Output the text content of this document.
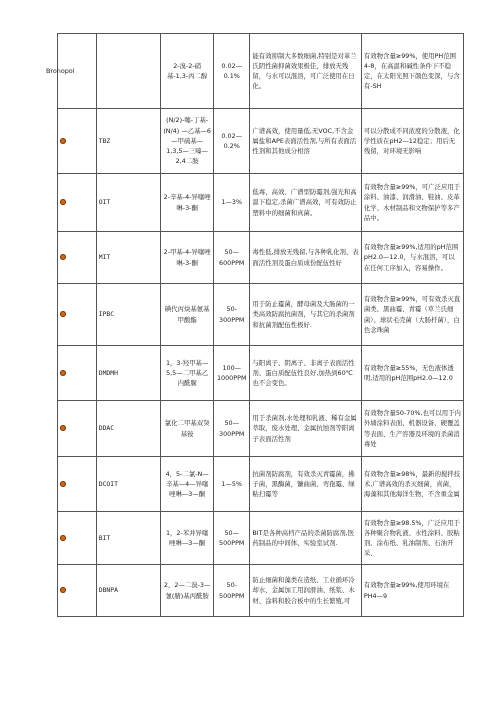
Bronopol		2-溴-2-硝基-1,3-丙二醇	0.02—0.1%	能有效抑制大多数细菌,特别是对革兰氏阴性菌抑菌效果极佳，排放无残留，与水可以混溶，可广泛使用在日化。	有效物含量≥99%，使用PH范围4-8，在高温和碱性条件下不稳定，在太阳光照下颜色变深，与含有-SH
	TBZ	(N/2)-噻-丁基-(N/4) —乙基—6—甲硫基—1,3,5—三嗪—2,4二胺	0.02—0.2%	广谱高效，使用量低,无VOC,不含金属盐和APE表面活性剂,与所有表面活性剂和其他成分相溶	可以分散成不同浓度的分散液，化学性质在pH2—12稳定；用后无残留，对环境无影响
	OIT	2-辛基-4-异噻唑啉-3-酮	1—3%	低毒、高效、广谱型防霉剂,强光和高温下稳定,杀菌广谱高效，可有效防止塑料中的细菌和真菌。	有效物含量≥99%，可广泛应用于涂料、油漆、润滑油、鞋油、皮革化学、木材制品和文物保护等多产品中。
	MIT	2-甲基-4-异噻唑啉-3-酮	50—600PPM	毒性低,排放无残留,与各种乳化剂、表面活性剂及蛋白质成份配伍性好	有效物含量≥99%,适用的pH范围pH2.0—12.0，与水混溶，可以在任何工序加入，容易操作。
	IPBC	碘代丙炔基氨基甲酸酯	50-300PPM	用于防止霉菌，酵母菌及大肠菌的一类高效防腐抗菌剂，与其它的杀菌剂和抗菌剂配伍性极好.	有效物含量≥99%，可有效杀灭直菌类、黑曲霉、青霉（草兰氏细菌）、球状毛壳菌（大肠杆菌），白色念珠菌
	DMDMH	1，3-羟甲基—5,5—二甲基乙内酰脲	100—1000PPM	与阳离子、阴离子、非离子表面活性剂、蛋白质配伍性良好,加热到60℃也不会变色。	有效物含量≥55%，无色液体透明,适用的pH范围pH2.0—12.0
	DDAC	氯化二甲基双癸基铵	50—300PPM	用于杀菌剂,水处理和乳液、稀有金属萃取，废水处理、金属抗蚀剂等阳离子表面活性剂	有效物含量50-70%,也可以用于内外墙涂料表面、机器设备、硬覆盖等表面、生产容器及环境的杀菌消毒处
	DCOIT	4，5-二氯-N—辛基—4—异噻唑啉—3—酮	1—5%	抗菌剂防腐剂，有效杀灭青霉菌，拂子菌，黑酶菌，镰曲菌、弯孢霉、绿粘扫霉等	有效物含量≥98%，最新的搅拌技术,广谱高效的杀灭细菌，真菌，海藻和其他海洋生物，不含重金属
	BIT	1，2-苯并异噻唑啉—3—酮	50—500PPM	BIT是各种高档产品的杀菌防腐剂,医药制品的中间体、实验室试剂.	有效物含量≥98.5%，广泛应用于各种聚合物乳液、水性涂料、胶粘剂、涂布纸、乳油制剂、石油开采、
	DBNPA	2，2—二溴-3—氰(腈)基丙酰胺	50-500PPM	防止细菌和藻类在造纸、工业循环冷却水、金属加工用润滑油、纸浆、木材、涂料和胶合板中的生长繁殖,可	有效物含量≥99%,使用环境在PH4—9
